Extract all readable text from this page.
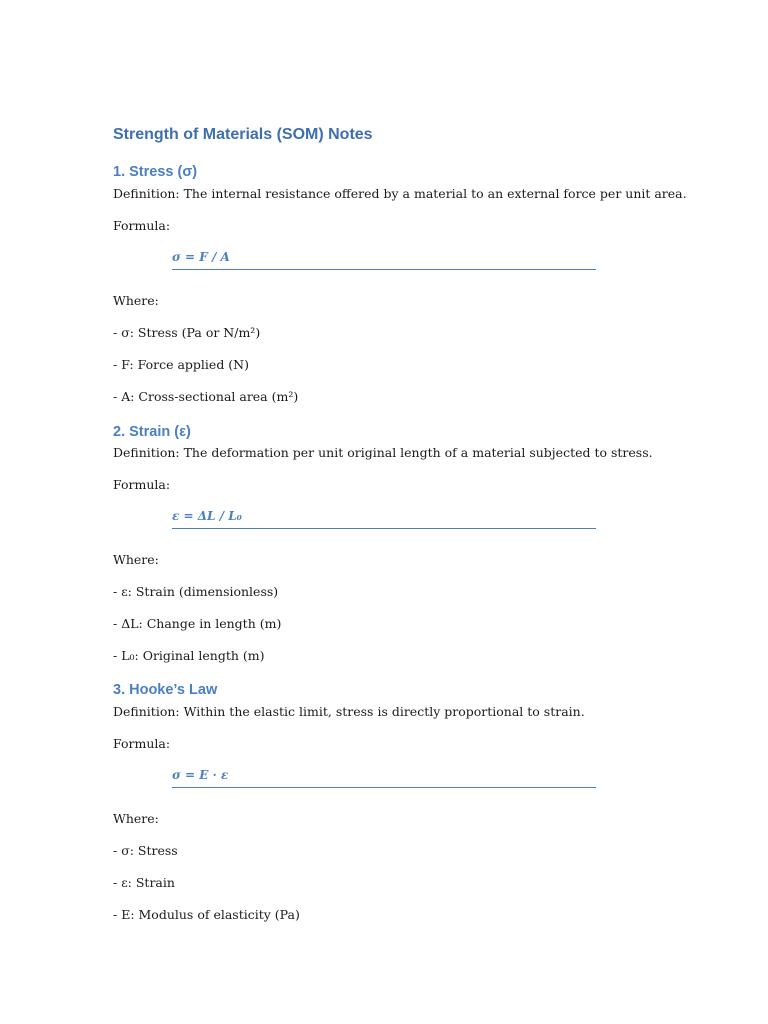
Strength of Materials (SOM) Notes
1. Stress (σ)

Definition: The internal resistance offered by a material to an external force per unit area.

Formula:

σ = F / A

Where:

- σ: Stress (Pa or N/m²)

- F: Force applied (N)

- A: Cross-sectional area (m²)

2. Strain (ε)

Definition: The deformation per unit original length of a material subjected to stress.

Formula:

ε = ΔL / L₀

Where:

- ε: Strain (dimensionless)

- ΔL: Change in length (m)

- L₀: Original length (m)

3. Hooke’s Law

Definition: Within the elastic limit, stress is directly proportional to strain.

Formula:

σ = E · ε

Where:

- σ: Stress

- ε: Strain

- E: Modulus of elasticity (Pa)
